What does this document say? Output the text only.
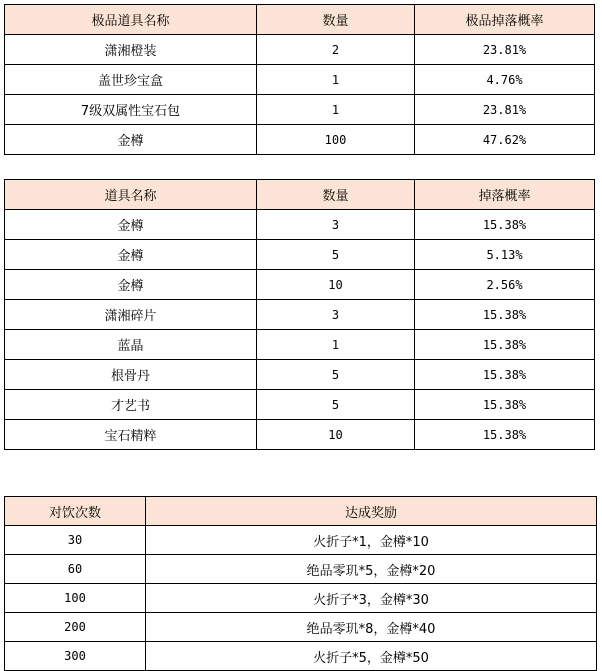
极品道具名称	数量	极品掉落概率
潇湘橙装	2	23.81%
盖世珍宝盒	1	4.76%
7级双属性宝石包	1	23.81%
金樽	100	47.62%
道具名称	数量	掉落概率
金樽	3	15.38%
金樽	5	5.13%
金樽	10	2.56%
潇湘碎片	3	15.38%
蓝晶	1	15.38%
根骨丹	5	15.38%
才艺书	5	15.38%
宝石精粹	10	15.38%
对饮次数	达成奖励
30	火折子*1，金樽*10
60	绝品零玑*5，金樽*20
100	火折子*3，金樽*30
200	绝品零玑*8，金樽*40
300	火折子*5，金樽*50
